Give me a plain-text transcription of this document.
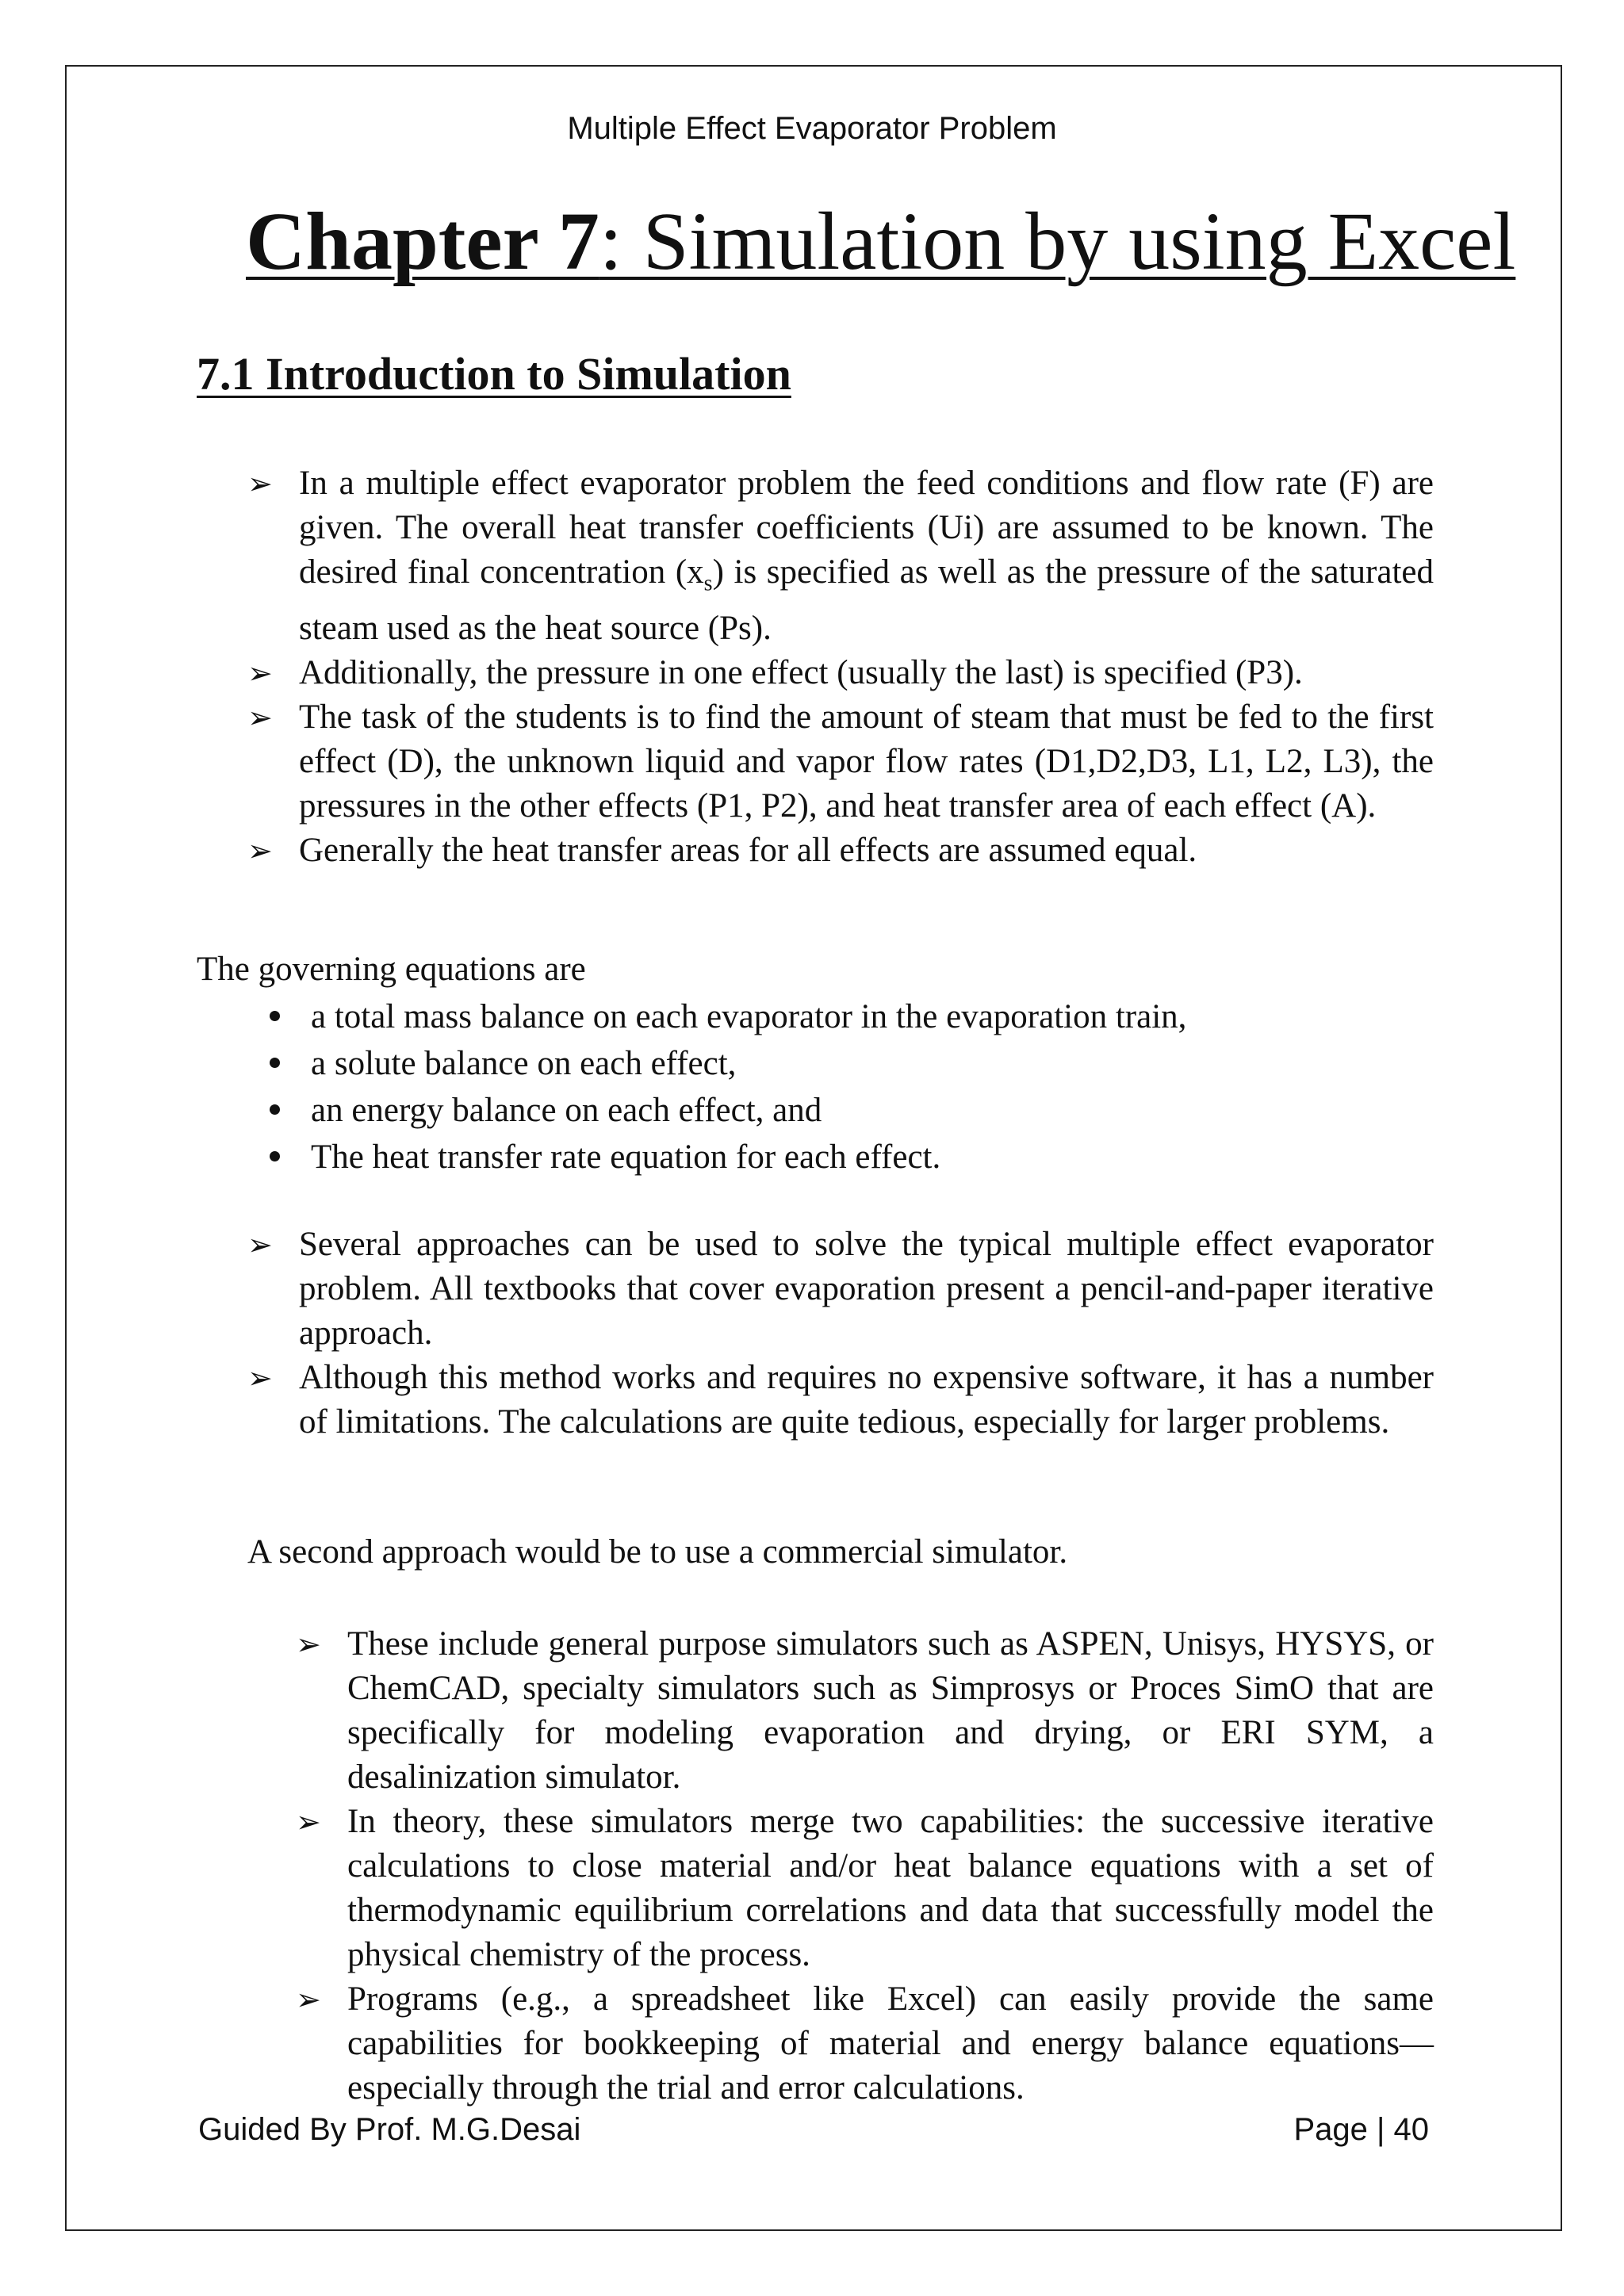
Multiple Effect Evaporator Problem
Chapter 7: Simulation by using Excel
7.1 Introduction to Simulation
➢ In a multiple effect evaporator problem the feed conditions and flow rate (F) are given. The overall heat transfer coefficients (Ui) are assumed to be known. The desired final concentration $(x_s)$ is specified as well as the pressure of the saturated steam used as the heat source (Ps).
➢ Additionally, the pressure in one effect (usually the last) is specified (P3).
➢ The task of the students is to find the amount of steam that must be fed to the first effect (D), the unknown liquid and vapor flow rates (D1,D2,D3, L1, L2, L3), the pressures in the other effects (P1, P2), and heat transfer area of each effect (A).
➢ Generally the heat transfer areas for all effects are assumed equal.
The governing equations are
a total mass balance on each evaporator in the evaporation train,
a solute balance on each effect,
an energy balance on each effect, and
The heat transfer rate equation for each effect.
➢ Several approaches can be used to solve the typical multiple effect evaporator problem. All textbooks that cover evaporation present a pencil-and-paper iterative approach.
➢ Although this method works and requires no expensive software, it has a number of limitations. The calculations are quite tedious, especially for larger problems.
A second approach would be to use a commercial simulator.
➢ These include general purpose simulators such as ASPEN, Unisys, HYSYS, or ChemCAD, specialty simulators such as Simprosys or Proces SimO that are specifically for modeling evaporation and drying, or ERI SYM, a desalinization simulator.
➢ In theory, these simulators merge two capabilities: the successive iterative calculations to close material and/or heat balance equations with a set of thermodynamic equilibrium correlations and data that successfully model the physical chemistry of the process.
➢ Programs (e.g., a spreadsheet like Excel) can easily provide the same capabilities for bookkeeping of material and energy balance equations—especially through the trial and error calculations.
Guided By Prof. M.G.Desai	Page | 40
